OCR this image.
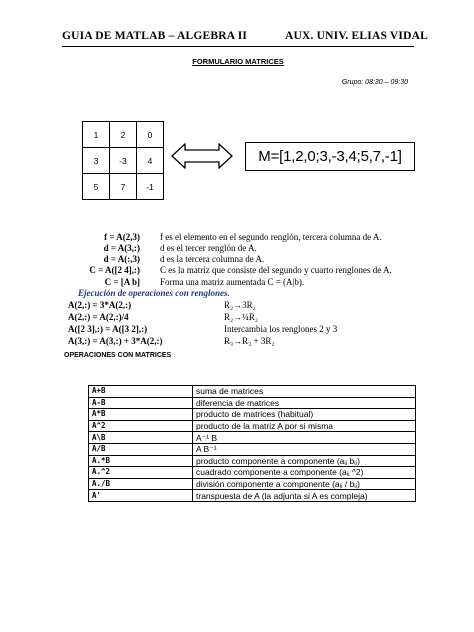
GUIA DE MATLAB – ALGEBRA II	AUX. UNIV. ELIAS VIDAL
FORMULARIO MATRICES
Grupo: 08:30 – 09:30
1	2	0
3	-3	4
5	7	-1
M=[1,2,0;3,-3,4;5,7,-1]
f = A(2,3) f es el elemento en el segundo renglón, tercera columna de A.
d = A(3,:) d es el tercer renglón de A.
d = A(:,3) d es la tercera columna de A.
C = A([2 4],:) C es la matriz que consiste del segundo y cuarto renglones de A.
C = [A b] Forma una matriz aumentada C = (A|b).
Ejecución de operaciones con renglones.
A(2,:) = 3*A(2,:)	R₂→3R₂
A(2,:) = A(2,:)/4	R₂→¼R₂
A([2 3],:) = A([3 2],:)	Intercambia los renglones 2 y 3
A(3,:) = A(3,:) + 3*A(2,:)	R₃→R₃ + 3R₂
OPERACIONES CON MATRICES
A+B	suma de matrices
A-B	diferencia de matrices
A*B	producto de matrices (habitual)
A^2	producto de la matriz A por si misma
A\B	A⁻¹ B
A/B	A B⁻¹
A.*B	producto componente a componente (aᵢⱼ bᵢⱼ)
A.^2	cuadrado componente a componente (aᵢⱼ ^2)
A./B	división componente a componente (aᵢⱼ / bᵢⱼ)
A'	transpuesta de A (la adjunta si A es compleja)
